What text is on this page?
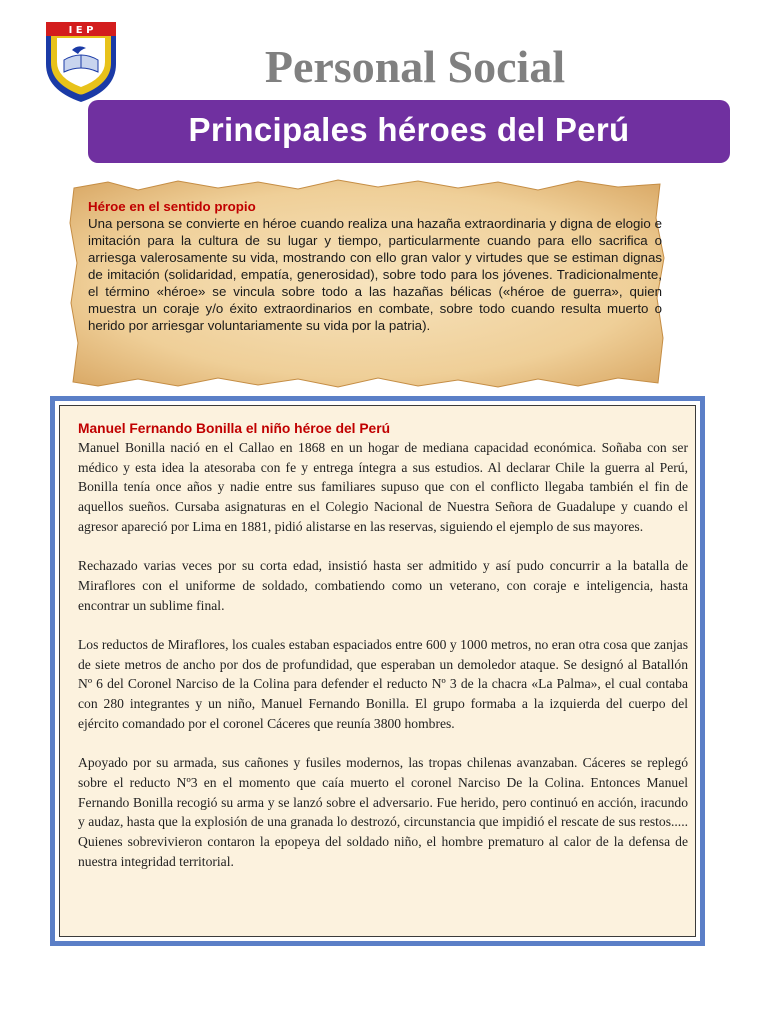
I E P
Personal Social
Principales héroes del Perú
Héroe en el sentido propio
Una persona se convierte en héroe cuando realiza una hazaña extraordinaria y digna de elogio e imitación para la cultura de su lugar y tiempo, particularmente cuando para ello sacrifica o arriesga valerosamente su vida, mostrando con ello gran valor y virtudes que se estiman dignas de imitación (solidaridad, empatía, generosidad), sobre todo para los jóvenes. Tradicionalmente, el término «héroe» se vincula sobre todo a las hazañas bélicas («héroe de guerra», quien muestra un coraje y/o éxito extraordinarios en combate, sobre todo cuando resulta muerto o herido por arriesgar voluntariamente su vida por la patria).
Manuel Fernando Bonilla el niño héroe del Perú

Manuel Bonilla nació en el Callao en 1868 en un hogar de mediana capacidad económica. Soñaba con ser médico y esta idea la atesoraba con fe y entrega íntegra a sus estudios. Al declarar Chile la guerra al Perú, Bonilla tenía once años y nadie entre sus familiares supuso que con el conflicto llegaba también el fin de aquellos sueños. Cursaba asignaturas en el Colegio Nacional de Nuestra Señora de Guadalupe y cuando el agresor apareció por Lima en 1881, pidió alistarse en las reservas, siguiendo el ejemplo de sus mayores.

Rechazado varias veces por su corta edad, insistió hasta ser admitido y así pudo concurrir a la batalla de Miraflores con el uniforme de soldado, combatiendo como un veterano, con coraje e inteligencia, hasta encontrar un sublime final.

Los reductos de Miraflores, los cuales estaban espaciados entre 600 y 1000 metros, no eran otra cosa que zanjas de siete metros de ancho por dos de profundidad, que esperaban un demoledor ataque. Se designó al Batallón Nº 6 del Coronel Narciso de la Colina para defender el reducto Nº 3 de la chacra «La Palma», el cual contaba con 280 integrantes y un niño, Manuel Fernando Bonilla. El grupo formaba a la izquierda del cuerpo del ejército comandado por el coronel Cáceres que reunía 3800 hombres.

Apoyado por su armada, sus cañones y fusiles modernos, las tropas chilenas avanzaban. Cáceres se replegó sobre el reducto Nº3 en el momento que caía muerto el coronel Narciso De la Colina. Entonces Manuel Fernando Bonilla recogió su arma y se lanzó sobre el adversario. Fue herido, pero continuó en acción, iracundo y audaz, hasta que la explosión de una granada lo destrozó, circunstancia que impidió el rescate de sus restos..... Quienes sobrevivieron contaron la epopeya del soldado niño, el hombre prematuro al calor de la defensa de nuestra integridad territorial.
